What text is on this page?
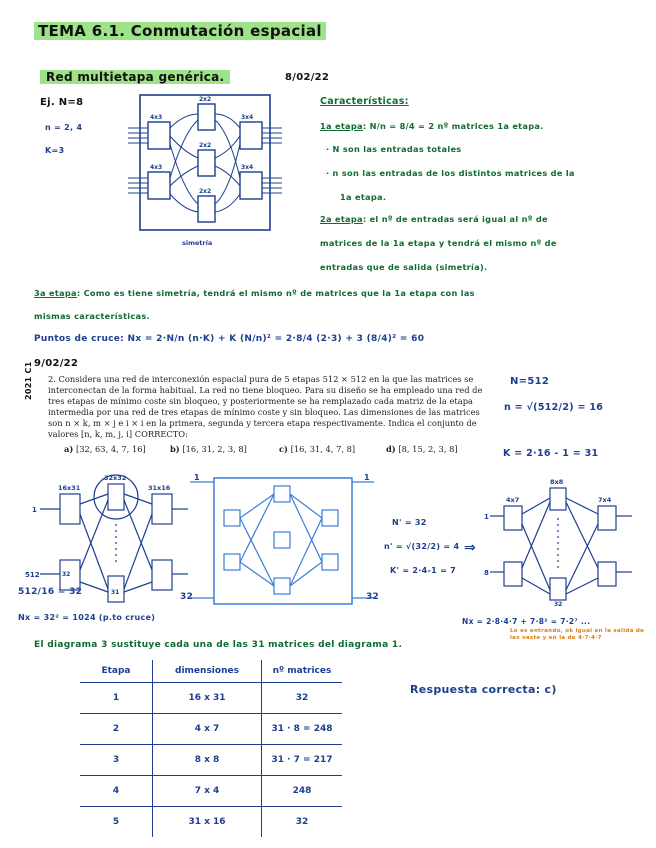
TEMA 6.1. Conmutación espacial
Red multietapa genérica.	8/02/22
Ej. N=8
n = 2, 4
K=3
4x3
4x3
3x4
3x4
2x2
2x2
2x2
simetría
Características:
1a etapa: N/n = 8/4 = 2 nº matrices 1a etapa.
· N son las entradas totales
· n son las entradas de los distintos matrices de la
1a etapa.
2a etapa: el nº de entradas será igual al nº de
matrices de la 1a etapa y tendrá el mismo nº de
entradas que de salida (simetría).
3a etapa: Como es tiene simetría, tendrá el mismo nº de matrices que la 1a etapa con las
mismas características.
Puntos de cruce: Nx = 2·N/n (n·K) + K (N/n)² = 2·8/4 (2·3) + 3 (8/4)² = 60
9/02/22
2021 C1 2. Considera una red de interconexión espacial pura de 5 etapas 512 × 512 en la que las matrices se interconectan de la forma habitual. La red no tiene bloqueo. Para su diseño se ha empleado una red de tres etapas de mínimo coste sin bloqueo, y posteriormente se ha remplazado cada matriz de la etapa intermedia por una red de tres etapas de mínimo coste y sin bloqueo. Las dimensiones de las matrices son n × k, m × j e i × i en la primera, segunda y tercera etapa respectivamente. Indica el conjunto de valores [n, k, m, j, i] CORRECTO:
a) [32, 63, 4, 7, 16]	b) [16, 31, 2, 3, 8]	c) [16, 31, 4, 7, 8]	d) [8, 15, 2, 3, 8]
N=512
n = √(512/2) = 16
K = 2·16 - 1 = 31
16x31
32x32
31x16
1
512	32
31
512/16 = 32
Nx = 32² = 1024 (p.to cruce)
1	1
32	32
N' = 32
n' = √(32/2) = 4
K' = 2·4-1 = 7
⇒
4x7
8x8
7x4
1
8
32
Nx = 2·8·4·7 + 7·8² = 7·2⁷ ...
Lo es entrando, ok igual en la salida de las vaste y en la de 4·7·4·7
El diagrama 3 sustituye cada una de las 31 matrices del diagrama 1.
Etapa	dimensiones	nº matrices
1	16 x 31	32
2	4 x 7	31 · 8 = 248
3	8 x 8	31 · 7 = 217
4	7 x 4	248
5	31 x 16	32
Respuesta correcta: c)
